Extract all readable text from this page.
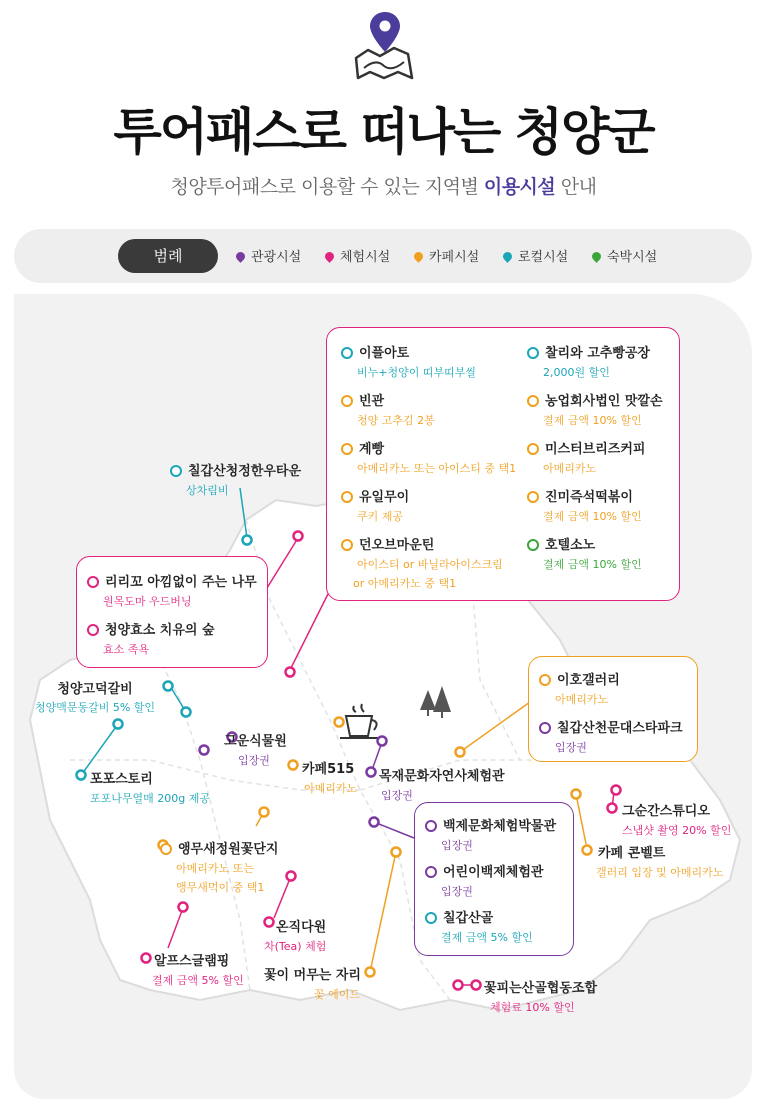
투어패스로 떠나는 청양군
청양투어패스로 이용할 수 있는 지역별 이용시설 안내
범례	관광시설	체험시설	카페시설	로컬시설	숙박시설
이플아토
비누+청양이 띠부띠부씰
빈관
청양 고추김 2봉
계빵
아메리카노 또는 아이스티 중 택1
유일무이
쿠키 제공
던오브마운틴
아이스티 or 바닐라아이스크림
or 아메리카노 중 택1
찰리와 고추빵공장
2,000원 할인
농업회사법인 맛깔손
결제 금액 10% 할인
미스터브리즈커피
아메리카노
진미즉석떡볶이
결제 금액 10% 할인
호텔소노
결제 금액 10% 할인
리리꼬 아낌없이 주는 나무
원목도마 우드버닝
청양효소 치유의 숲
효소 족욕
이호갤러리
아메리카노
칠갑산천문대스타파크
입장권
백제문화체험박물관
입장권
어린이백제체험관
입장권
칠갑산골
결제 금액 5% 할인
칠갑산청정한우타운
상차림비
청양고덕갈비
청양맥문동갈비 5% 할인
포포스토리
포포나무열매 200g 제공
고운식물원
입장권
카페515
아메리카노
목재문화자연사체험관
입장권
앵무새정원꽃단지
아메리카노 또는
앵무새먹이 중 택1
온직다원
차(Tea) 체험
알프스글램핑
결제 금액 5% 할인 꽃이 머무는 자리
꽃 에이드	꽃피는산골협동조합
체험료 10% 할인
그순간스튜디오
스냅샷 촬영 20% 할인
카페 콘벨트
갤러리 입장 및 아메리카노
